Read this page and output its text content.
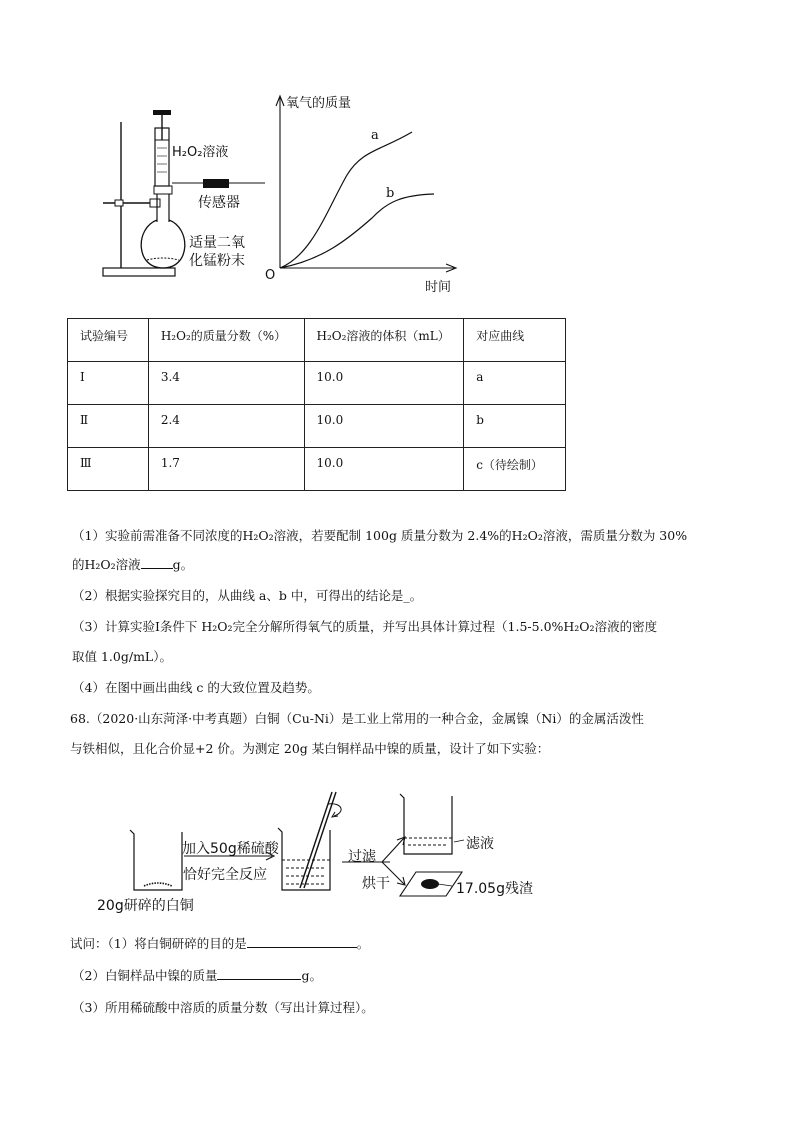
H₂O₂溶液
传感器
适量二氧
化锰粉末
氧气的质量
时间
O
a
b
试验编号	H₂O₂的质量分数（%）	H₂O₂溶液的体积（mL）	对应曲线
Ⅰ	3.4	10.0	a
Ⅱ	2.4	10.0	b
Ⅲ	1.7	10.0	c（待绘制）
（1）实验前需准备不同浓度的H₂O₂溶液，若要配制 100g 质量分数为 2.4%的H₂O₂溶液，需质量分数为 30%
的H₂O₂溶液	g。
（2）根据实验探究目的，从曲线 a、b 中，可得出的结论是_。
（3）计算实验Ⅰ条件下 H₂O₂完全分解所得氧气的质量，并写出具体计算过程（1.5-5.0%H₂O₂溶液的密度
取值 1.0g/mL）。
（4）在图中画出曲线 c 的大致位置及趋势。
68.（2020·山东菏泽·中考真题）白铜（Cu-Ni）是工业上常用的一种合金，金属镍（Ni）的金属活泼性
与铁相似，且化合价显+2 价。为测定 20g 某白铜样品中镍的质量，设计了如下实验：
加入50g稀硫酸
恰好完全反应
20g研碎的白铜
过滤
烘干
滤液
17.05g残渣
试问：（1）将白铜研碎的目的是	。
（2）白铜样品中镍的质量	g。
（3）所用稀硫酸中溶质的质量分数（写出计算过程）。
